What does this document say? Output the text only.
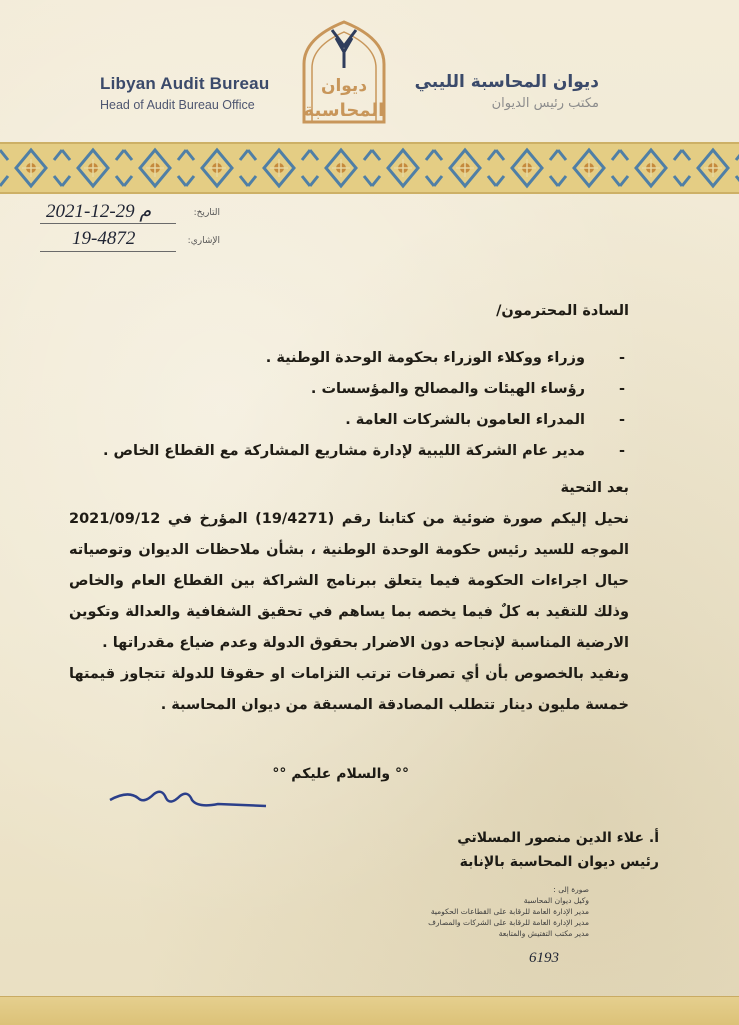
Libyan Audit Bureau
Head of Audit Bureau Office
ديوان
المحاسبة
ديوان المحاسبة الليبي
مكتب رئيس الديوان
2021-12-29 م	التاريخ:
19-4872	الإشاري:

السادة المحترمون/

-
وزراء ووكلاء الوزراء بحكومة الوحدة الوطنية .

-
رؤساء الهيئات والمصالح والمؤسسات .

-
المدراء العامون بالشركات العامة .

-
مدير عام الشركة الليبية لإدارة مشاريع المشاركة مع القطاع الخاص .

بعد التحية

نحيل إليكم صورة ضوئية من كتابنا رقم (19/4271) المؤرخ في 2021/09/12 الموجه للسيد رئيس حكومة الوحدة الوطنية ، بشأن ملاحظات الديوان وتوصياته حيال اجراءات الحكومة فيما يتعلق ببرنامج الشراكة بين القطاع العام والخاص وذلك للتقيد به كلٌ فيما يخصه بما يساهم في تحقيق الشفافية والعدالة وتكوين الارضية المناسبة لإنجاحه دون الاضرار بحقوق الدولة وعدم ضياع مقدراتها .

ونفيد بالخصوص بأن أي تصرفات ترتب التزامات او حقوقا للدولة تتجاوز قيمتها خمسة مليون دينار تتطلب المصادقة المسبقة من ديوان المحاسبة .

°° والسلام عليكم °°
أ. علاء الدين منصور المسلاتي
رئيس ديوان المحاسبة بالإنابة
صورة إلى :
وكيل ديوان المحاسبة
مدير الإدارة العامة للرقابة على القطاعات الحكومية
مدير الإدارة العامة للرقابة على الشركات والمصارف
مدير مكتب التفتيش والمتابعة
6193
